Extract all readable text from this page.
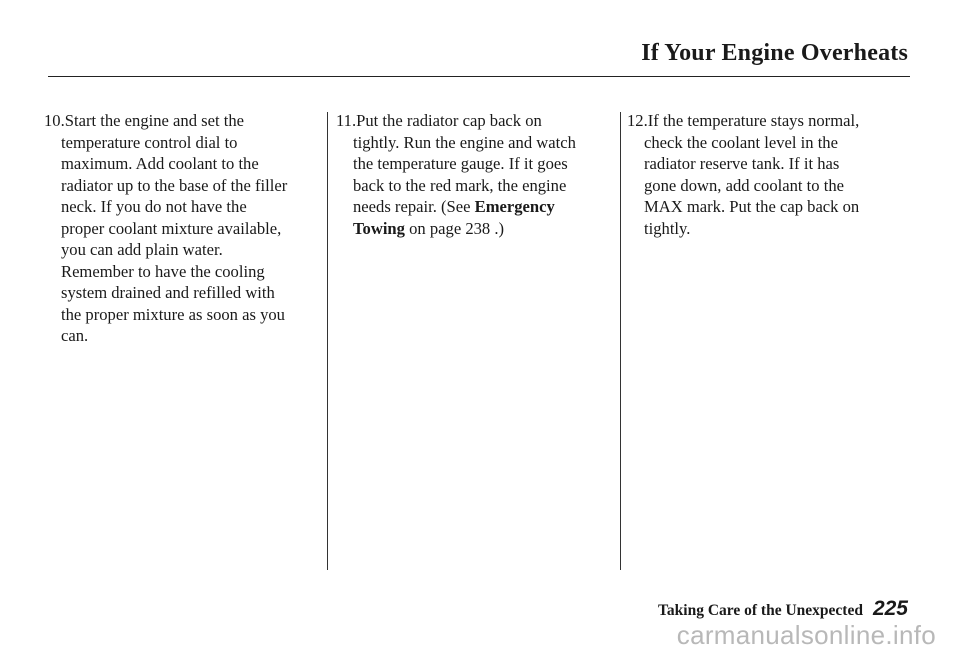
If Your Engine Overheats
10.Start the engine and set the
temperature control dial to
maximum. Add coolant to the
radiator up to the base of the filler
neck. If you do not have the
proper coolant mixture available,
you can add plain water.
Remember to have the cooling
system drained and refilled with
the proper mixture as soon as you
can.
11.Put the radiator cap back on
tightly. Run the engine and watch
the temperature gauge. If it goes
back to the red mark, the engine
needs repair. (See Emergency
Towing on page 238 .)
12.If the temperature stays normal,
check the coolant level in the
radiator reserve tank. If it has
gone down, add coolant to the
MAX mark. Put the cap back on
tightly.
Taking Care of the Unexpected 225
carmanualsonline.info
